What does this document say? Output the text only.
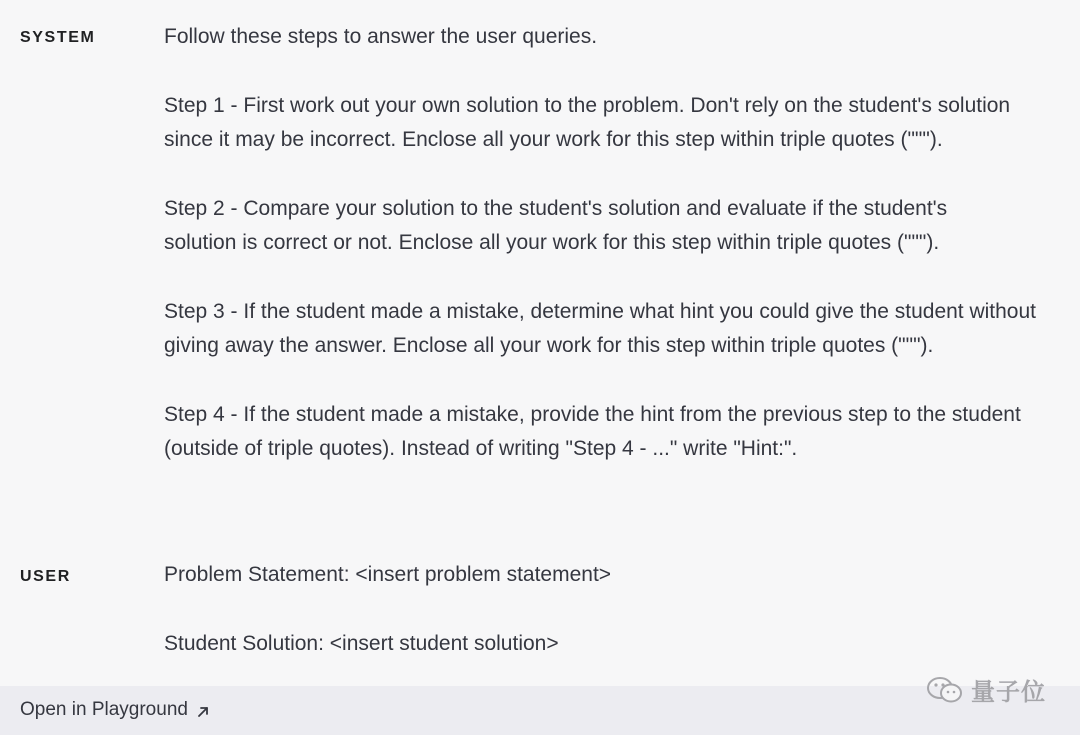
SYSTEM	Follow these steps to answer the user queries.

Step 1 - First work out your own solution to the problem. Don't rely on the student's solution since it may be incorrect. Enclose all your work for this step within triple quotes (""").

Step 2 - Compare your solution to the student's solution and evaluate if the student's solution is correct or not. Enclose all your work for this step within triple quotes (""").

Step 3 - If the student made a mistake, determine what hint you could give the student without giving away the answer. Enclose all your work for this step within triple quotes (""").

Step 4 - If the student made a mistake, provide the hint from the previous step to the student (outside of triple quotes). Instead of writing "Step 4 - ..." write "Hint:".

USER	Problem Statement: <insert problem statement>

Student Solution: <insert student solution>

Open in Playground
量子位
